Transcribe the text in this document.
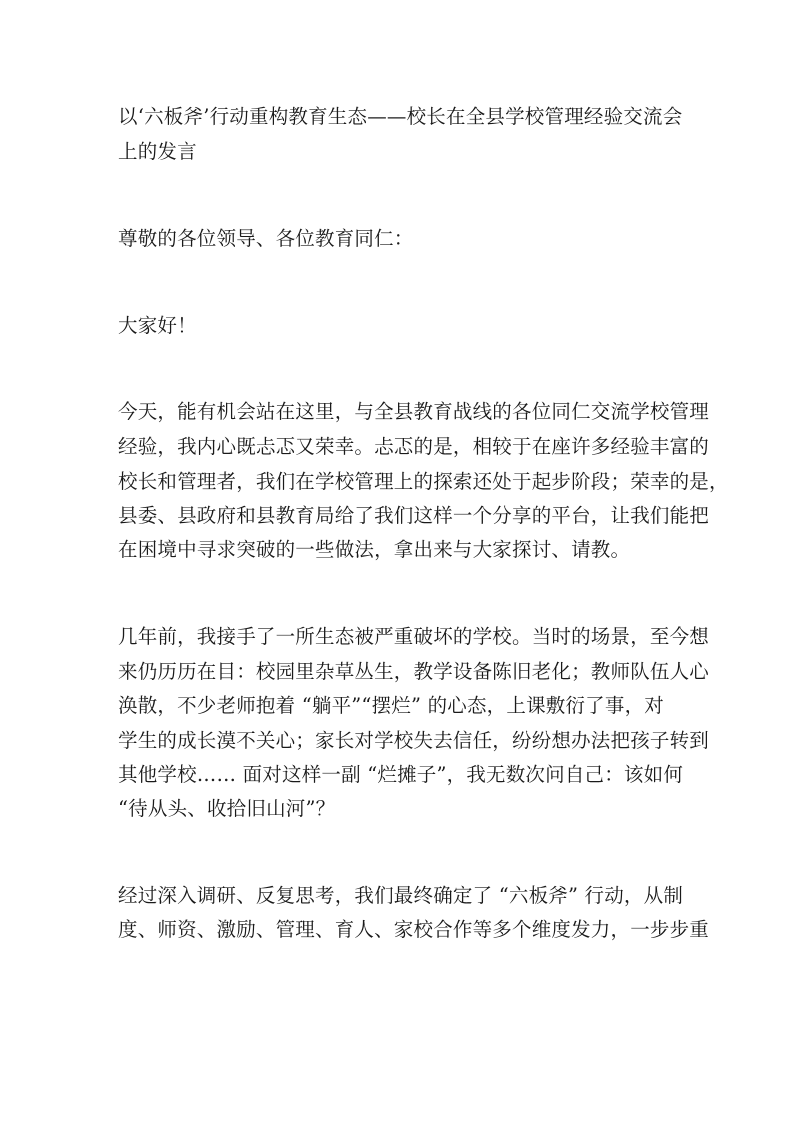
以‘六板斧’行动重构教育生态——校长在全县学校管理经验交流会
上的发言
尊敬的各位领导、各位教育同仁：
大家好！
今天，能有机会站在这里，与全县教育战线的各位同仁交流学校管理
经验，我内心既忐忑又荣幸。忐忑的是，相较于在座许多经验丰富的
校长和管理者，我们在学校管理上的探索还处于起步阶段；荣幸的是，
县委、县政府和县教育局给了我们这样一个分享的平台，让我们能把
在困境中寻求突破的一些做法，拿出来与大家探讨、请教。
几年前，我接手了一所生态被严重破坏的学校。当时的场景，至今想
来仍历历在目：校园里杂草丛生，教学设备陈旧老化；教师队伍人心
涣散，不少老师抱着 “躺平”“摆烂” 的心态，上课敷衍了事，对
学生的成长漠不关心；家长对学校失去信任，纷纷想办法把孩子转到
其他学校…… 面对这样一副 “烂摊子”，我无数次问自己：该如何
“待从头、收拾旧山河”？
经过深入调研、反复思考，我们最终确定了 “六板斧” 行动，从制
度、师资、激励、管理、育人、家校合作等多个维度发力，一步步重
